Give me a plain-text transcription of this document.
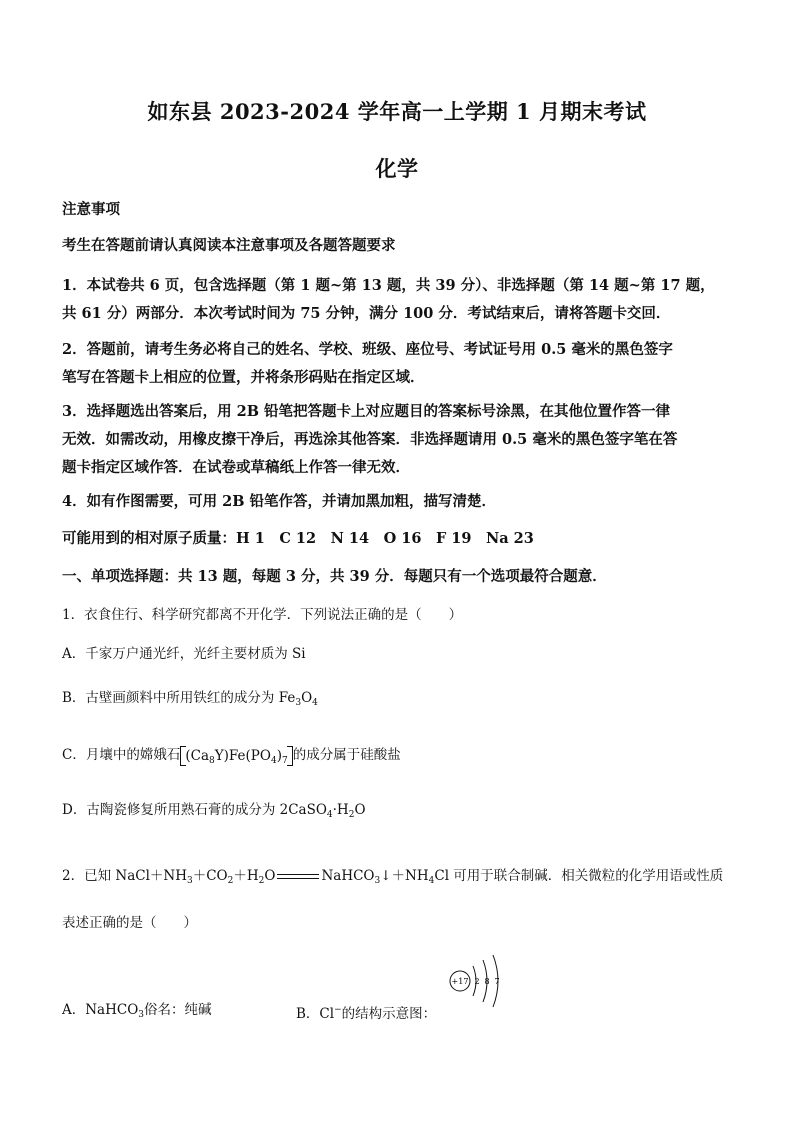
如东县 2023-2024 学年高一上学期 1 月期末考试
化学
注意事项
考生在答题前请认真阅读本注意事项及各题答题要求
1．本试卷共 6 页，包含选择题（第 1 题~第 13 题，共 39 分）、非选择题（第 14 题~第 17 题，
共 61 分）两部分．本次考试时间为 75 分钟，满分 100 分．考试结束后，请将答题卡交回．
2．答题前，请考生务必将自己的姓名、学校、班级、座位号、考试证号用 0.5 毫米的黑色签字
笔写在答题卡上相应的位置，并将条形码贴在指定区域．
3．选择题选出答案后，用 2B 铅笔把答题卡上对应题目的答案标号涂黑，在其他位置作答一律
无效．如需改动，用橡皮擦干净后，再选涂其他答案．非选择题请用 0.5 毫米的黑色签字笔在答
题卡指定区域作答．在试卷或草稿纸上作答一律无效．
4．如有作图需要，可用 2B 铅笔作答，并请加黑加粗，描写清楚．
可能用到的相对原子质量：H 1　C 12　N 14　O 16　F 19　Na 23
一、单项选择题：共 13 题，每题 3 分，共 39 分．每题只有一个选项最符合题意．
1．衣食住行、科学研究都离不开化学．下列说法正确的是（　　）
A．千家万户通光纤，光纤主要材质为 Si
B．古壁画颜料中所用铁红的成分为 $Fe_3O_4$
C．月壤中的嫦娥石 $(Ca_8Y)Fe(PO_4)_7$ 的成分属于硅酸盐
D．古陶瓷修复所用熟石膏的成分为 $2CaSO_4\cdot H_2O$
2．已知 $NaCl+NH_3+CO_2+H_2O$	$NaHCO_3↓+NH_4Cl$ 可用于联合制碱．相关微粒的化学用语或性质
表述正确的是（　　）
A．NaHCO$_3$俗名：纯碱	B．Cl−的结构示意图：
+17 2 8 7
